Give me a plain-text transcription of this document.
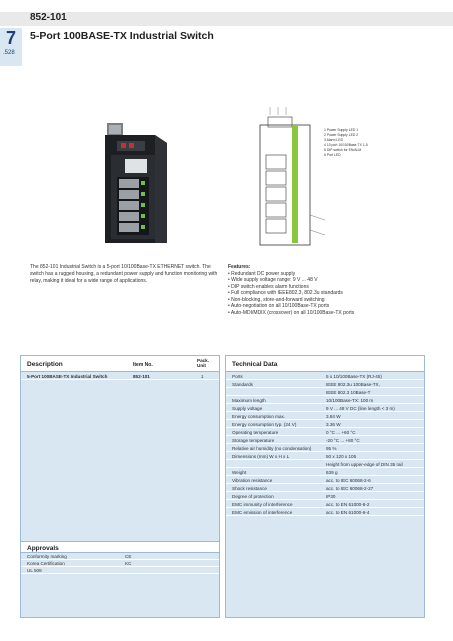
852-101
7
.528
5-Port 100BASE-TX Industrial Switch
1 Power Supply LED 1
2 Power Supply LED 2
3 Alarm LED
4 10 port 10/100Base-TX 1-5
5 DIP switch for EN/ALM
6 Port LED
The 852-101 Industrial Switch is a 5-port 10/100Base-TX ETHERNET switch. The switch has a rugged housing, a redundant power supply and function monitoring with relay, making it ideal for a wide range of applications.
Features:
• Redundant DC power supply
• Wide supply voltage range: 9 V ... 48 V
• DIP switch enables alarm functions
• Full compliance with IEEE802.3, 802.3u standards
• Non-blocking, store-and-forward switching
• Auto-negotiation on all 10/100Base-TX ports
• Auto-MDI/MDIX (crossover) on all 10/100Base-TX ports
Description	Item No.
Pack. Unit
5-Port 100BASE-TX Industrial Switch	852-101	1
Approvals
Conformity marking	CE
Korea Certification	KC
UL 508
Technical Data
Ports	5 x 10/100Base-TX (RJ-45)
Standards	IEEE 802.3u 100Base-TX,
IEEE 802.3 10Base-T
Maximum length	10/100Base-TX: 100 m
Supply voltage	9 V ... 48 V DC (line length < 3 m)
Energy consumption max.	3.84 W
Energy consumption typ. (24 V)	3.36 W
Operating temperature	0 °C ... +60 °C
Storage temperature	-20 °C ... +80 °C
Relative air humidity (no condensation)	95 %
Dimensions (mm) W x H x L	50 x 120 x 105
Height from upper-edge of DIN 35 rail
Weight	639 g
Vibration resistance	acc. to IEC 60068-2-6
Shock resistance	acc. to IEC 60068-2-27
Degree of protection	IP30
EMC immunity of interference	acc. to EN 61000-6-2
EMC emission of interference	acc. to EN 61000-6-4
